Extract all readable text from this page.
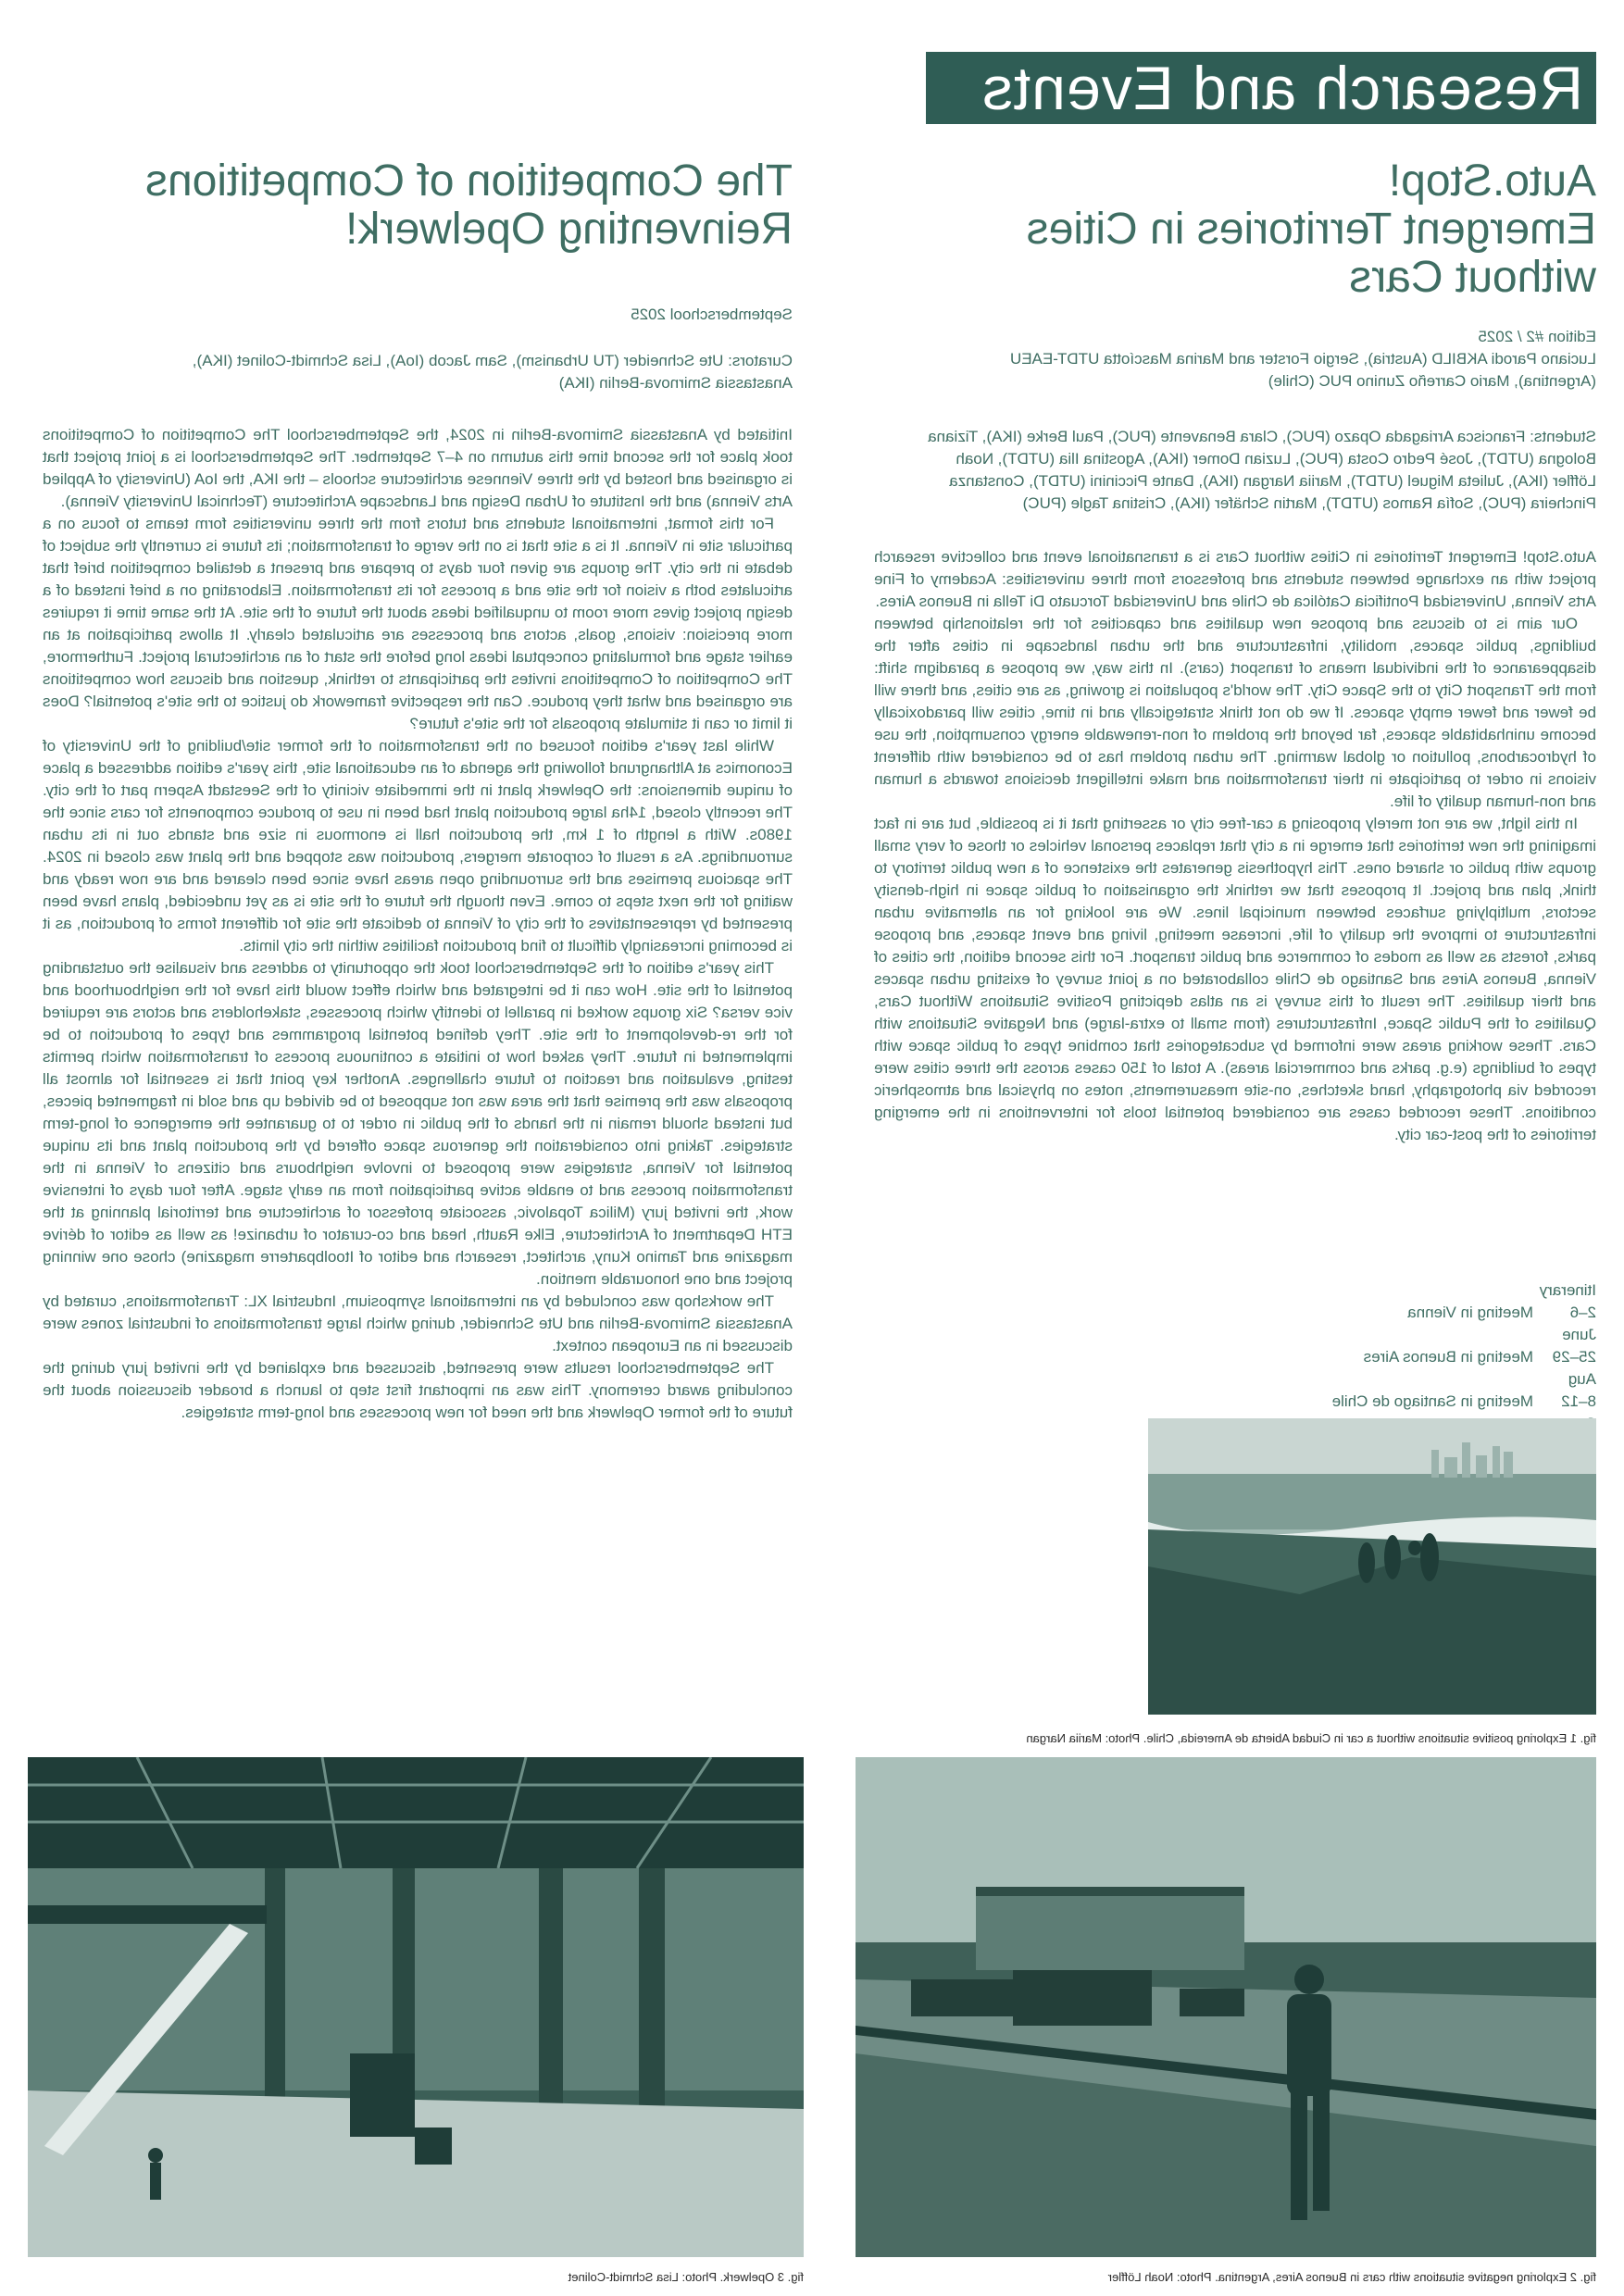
Research and Events
Auto.Stop!
Emergent Territories in Cities
without Cars

Edition #2 / 2025

Luciano Parodi AKBILD (Austria), Sergio Forster and Marina Mascíotta UTDT-EAEU
(Argentina), Mario Carreño Zunino PUC (Chile)

Students: Francisca Arriagada Opazo (PUC), Clara Benavente (PUC), Paul Berke (IKA), Tiziana
Bologna (UTDT), José Pedro Costa (PUC), Luzian Domer (IKA), Agostina Ilia (UTDT), Noah
Löffler (IKA), Julieta Miguel (UTDT), Mariia Nargan (IKA), Dante Piccinini (UTDT), Constanza
Pincheira (PUC), Sofía Ramos (UTDT), Martin Schäfer (IKA), Cristina Tagle (PUC)

Auto.Stop! Emergent Territories in Cities without Cars is a transnational event and collective research project with an exchange between students and professors from three universities: Academy of Fine Arts Vienna, Universidad Pontificia Católica de Chile and Universidad Torcuato Di Tella in Buenos Aires.

Our aim is to discuss and propose new qualities and capacities for the relationship between buildings, public spaces, mobility, infrastructure and the urban landscape in cities after the disappearance of the individual means of transport (cars). In this way, we propose a paradigm shift: from the Transport City to the Space City. The world's population is growing, as are cities, and there will be fewer and fewer empty spaces. If we do not think strategically and in time, cities will paradoxically become uninhabitable spaces, far beyond the problem of non-renewable energy consumption, the use of hydrocarbons, pollution or global warming. The urban problem has to be considered with different visions in order to participate in their transformation and make intelligent decisions towards a human and non-human quality of life.

In this light, we are not merely proposing a car-free city or asserting that it is possible, but are in fact imagining the new territories that emerge in a city that replaces personal vehicles or those of very small groups with public or shared ones. This hypothesis generates the existence of a new public territory to think, plan and project. It proposes that we rethink the organisation of public space in high-density sectors, multiplying surfaces between municipal lines. We are looking for an alternative urban infrastructure to improve the quality of life, increase meeting, living and event spaces, and propose parks, forests as well as modes of commerce and public transport. For this second edition, the cities of Vienna, Buenos Aires and Santiago de Chile collaborated on a joint survey of existing urban spaces and their qualities. The result of this survey is an atlas depicting Positive Situations Without Cars, Qualities of the Public Space, Infrastructures (from small to extra-large) and Negative Situations with Cars. These working areas were informed by subcategories that combine types of public space with types of buildings (e.g. parks and commercial areas). A total of 150 cases across the three cities were recorded via photography, hand sketches, on-site measurements, notes on physical and atmospheric conditions. These recorded cases are considered potential tools for interventions in the emerging territories of the post-car city.

Itinerary
2–6 June
Meeting in Vienna
25–29 Aug
Meeting in Buenos Aires
8–12
Meeting in Santiago de Chile
The Competition of Competitions
Reinventing Opelwerk!

Septemberschool 2025

Curators: Ute Schneider (TU Urbanism), Sam Jacob (IoA), Lisa Schmidt-Colinet (IKA),
Anastassia Smirnova-Berlin (IKA)

Initiated by Anastassia Smirnova-Berlin in 2024, the Septemberschool The Competition of Competitions took place for the second time this autumn on 4–7 September. The Septemberschool is a joint project that is organised and hosted by the three Viennese architecture schools – the IKA, the IoA (University of Applied Arts Vienna) and the Institute of Urban Design and Landscape Architecture (Technical University Vienna).

For this format, international students and tutors from the three universities form teams to focus on a particular site in Vienna. It is a site that is on the verge of transformation; its future is currently the subject of debate in the city. The groups are given four days to prepare and present a detailed competition brief that articulates both a vision for the site and a process for its transformation. Elaborating on a brief instead of a design project gives more room to unqualified ideas about the future of the site. At the same time it requires more precision: visions, goals, actors and processes are articulated clearly. It allows participation at an earlier stage and formulating conceptual ideas long before the start of an architectural project. Furthermore, The Competition of Competitions invites the participants to rethink, question and discuss how competitions are organised and what they produce. Can the respective framework do justice to the site's potential? Does it limit or can it stimulate proposals for the site's future?

While last year's edition focused on the transformation of the former site/building of the University of Economics at Althangrund following the agenda of an educational site, this year's edition addressed a place of unique dimensions: the Opelwerk plant in the immediate vicinity of the Seestadt Aspern part of the city. The recently closed, 14ha large production plant had been in use to produce components for cars since the 1980s. With a length of 1 km, the production hall is enormous in size and stands out in its urban surroundings. As a result of corporate mergers, production was stopped and the plant was closed in 2024. The spacious premises and the surrounding open areas have since been cleared and are now ready and waiting for the next steps to come. Even though the future of the site is as yet undecided, plans have been presented by representatives of the city of Vienna to dedicate the site for different forms of production, as it is becoming increasingly difficult to find production facilities within the city limits.

This year's edition of the Septemberschool took the opportunity to address and visualise the outstanding potential of the site. How can it be integrated and which effect would this have for the neighbourhood and vice versa? Six groups worked in parallel to identify which processes, stakeholders and actors are required for the re-development of the site. They defined potential programmes and types of production to be implemented in future. They asked how to initiate a continuous process of transformation which permits testing, evaluation and reaction to future challenges. Another key point that is essential for almost all proposals was the premise that the area was not supposed to be divided up and sold in fragmented pieces, but instead should remain in the hands of the public in order to to guarantee the emergence of long-term strategies. Taking into consideration the generous space offered by the production plant and its unique potential for Vienna, strategies were proposed to involve neighbours and citizens of Vienna in the transformation process and to enable active participation from an early stage. After four days of intensive work, the invited jury (Milica Topalovic, associate professor of architecture and territorial planning at the ETH Department of Architecture, Elke Rauth, head and co-curator of urbanize! as well as editor of dérive magazine and Tamino Kuny, architect, research and editor of Itoolbparterre magazine) chose one winning project and one honourable mention.

The workshop was concluded by an international symposium, Industrial XL: Transformations, curated by Anastassia Smirnova-Berlin and Ute Schneider, during which large transformations of industrial zones were discussed in an European context.

The Septemberschool results were presented, discussed and explained by the invited jury during the concluding award ceremony. This was an important first step to launch a broader discussion about the future of the former Opelwerk and the need for new processes and long-term strategies.

fig. 1 Exploring positive situations without a car in Ciudad Abierta de Amereida, Chile. Photo: Mariia Nargan
fig. 2 Exploring negative situations with cars in Buenos Aires, Argentina. Photo: Noah Löffler
fig. 3 Opelwerk. Photo: Lisa Schmidt-Colinet
